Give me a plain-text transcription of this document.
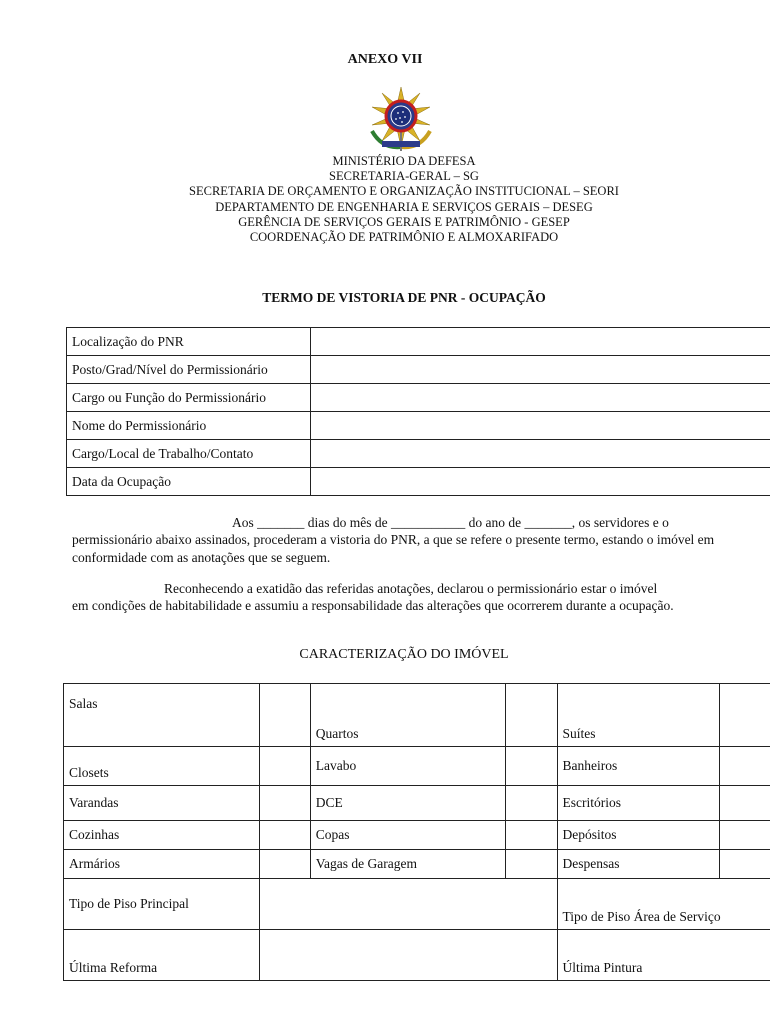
ANEXO VII
MINISTÉRIO DA DEFESA
SECRETARIA-GERAL – SG
SECRETARIA DE ORÇAMENTO E ORGANIZAÇÃO INSTITUCIONAL – SEORI
DEPARTAMENTO DE ENGENHARIA E SERVIÇOS GERAIS – DESEG
GERÊNCIA DE SERVIÇOS GERAIS E PATRIMÔNIO - GESEP
COORDENAÇÃO DE PATRIMÔNIO E ALMOXARIFADO
TERMO DE VISTORIA DE PNR - OCUPAÇÃO
Localização do PNR	
Posto/Grad/Nível do Permissionário	
Cargo ou Função do Permissionário	
Nome do Permissionário	
Cargo/Local de Trabalho/Contato	
Data da Ocupação	
Aos _______ dias do mês de ___________ do ano de _______, os servidores e o
permissionário abaixo assinados, procederam a vistoria do PNR, a que se refere o presente termo, estando o imóvel em conformidade com as anotações que se seguem.
Reconhecendo a exatidão das referidas anotações, declarou o permissionário estar o imóvel
em condições de habitabilidade e assumiu a responsabilidade das alterações que ocorrerem durante a ocupação.
CARACTERIZAÇÃO DO IMÓVEL
Salas		Quartos		Suítes	
Closets		Lavabo		Banheiros	
Varandas		DCE		Escritórios	
Cozinhas		Copas		Depósitos	
Armários		Vagas de Garagem		Despensas	
Tipo de Piso Principal				Tipo de Piso Área de Serviço	
Última Reforma				Última Pintura	
